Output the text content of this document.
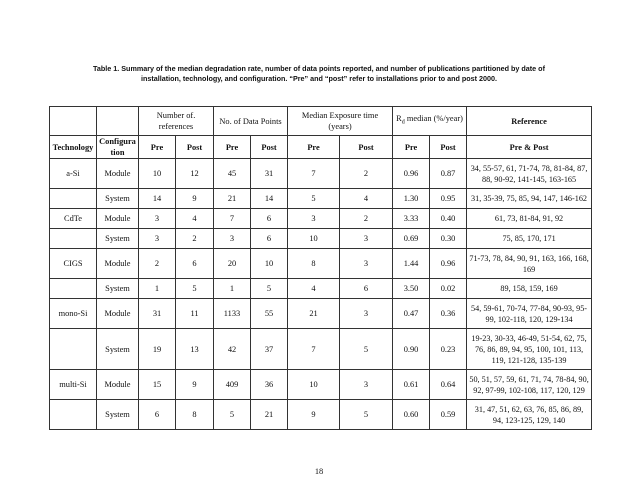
Table 1. Summary of the median degradation rate, number of data points reported, and number of publications partitioned by date of installation, technology, and configuration. “Pre” and “post” refer to installations prior to and post 2000.
		Number of. references		No. of Data Points		Median Exposure time (years)		$R_d$ median (%/year)		Reference
Technology	Configuration	Pre	Post	Pre	Post	Pre	Post	Pre	Post	Pre & Post
a-Si	Module	10	12	45	31	7	2	0.96	0.87	34, 55-57, 61, 71-74, 78, 81-84, 87, 88, 90-92, 141-145, 163-165
	System	14	9	21	14	5	4	1.30	0.95	31, 35-39, 75, 85, 94, 147, 146-162
CdTe	Module	3	4	7	6	3	2	3.33	0.40	61, 73, 81-84, 91, 92
	System	3	2	3	6	10	3	0.69	0.30	75, 85, 170, 171
CIGS	Module	2	6	20	10	8	3	1.44	0.96	71-73, 78, 84, 90, 91, 163, 166, 168, 169
	System	1	5	1	5	4	6	3.50	0.02	89, 158, 159, 169
mono-Si	Module	31	11	1133	55	21	3	0.47	0.36	54, 59-61, 70-74, 77-84, 90-93, 95-99, 102-118, 120, 129-134
	System	19	13	42	37	7	5	0.90	0.23	19-23, 30-33, 46-49, 51-54, 62, 75, 76, 86, 89, 94, 95, 100, 101, 113, 119, 121-128, 135-139
multi-Si	Module	15	9	409	36	10	3	0.61	0.64	50, 51, 57, 59, 61, 71, 74, 78-84, 90, 92, 97-99, 102-108, 117, 120, 129
	System	6	8	5	21	9	5	0.60	0.59	31, 47, 51, 62, 63, 76, 85, 86, 89, 94, 123-125, 129, 140
18
